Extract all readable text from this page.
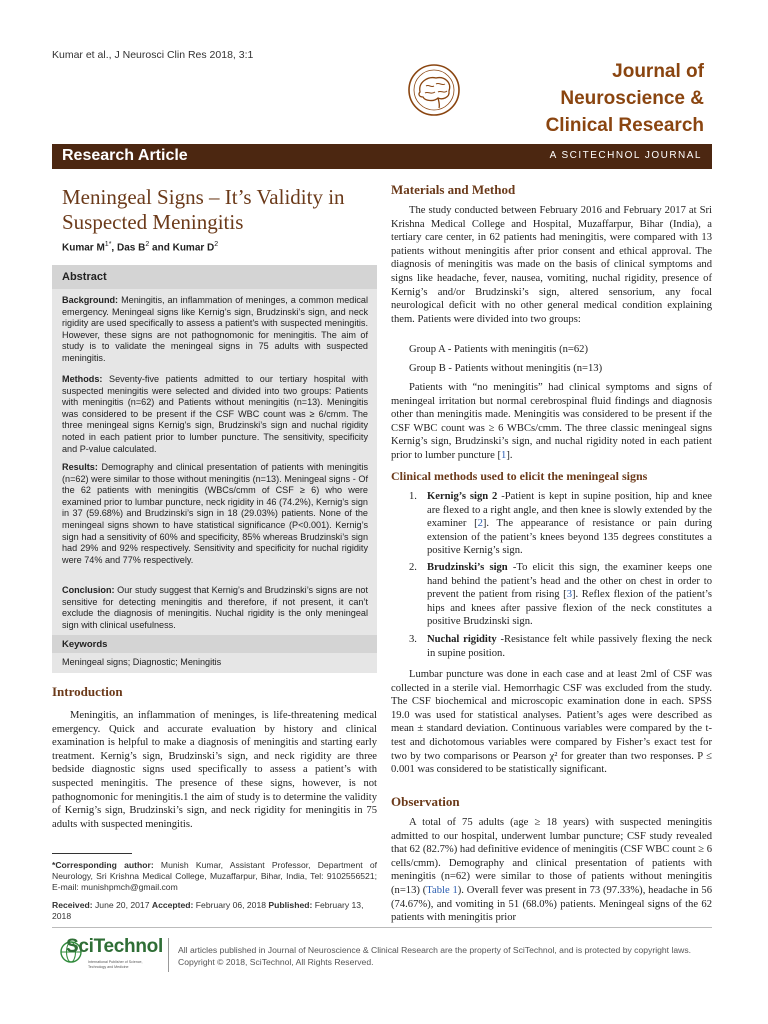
Kumar et al., J Neurosci Clin Res 2018, 3:1
Journal of
Neuroscience &
Clinical Research
Research Article	A SCITECHNOL JOURNAL
Meningeal Signs – It’s Validity in Suspected Meningitis
Kumar $M^{1*}$, Das $B^2$ and Kumar $D^2$
Abstract
Background: Meningitis, an inflammation of meninges, a common medical emergency. Meningeal signs like Kernig’s sign, Brudzinski’s sign, and neck rigidity are used specifically to assess a patient's with suspected meningitis. However, these signs are not pathognomonic for meningitis. The aim of study is to validate the meningeal signs in 75 adults with suspected meningitis.
Methods: Seventy-five patients admitted to our tertiary hospital with suspected meningitis were selected and divided into two groups: Patients with meningitis (n=62) and Patients without meningitis (n=13). Meningitis was considered to be present if the CSF WBC count was ≥ 6/cmm. The three meningeal signs Kernig’s sign, Brudzinski’s sign and nuchal rigidity noted in each patient prior to lumber puncture. The sensitivity, specificity and P-value calculated.
Results: Demography and clinical presentation of patients with meningitis (n=62) were similar to those without meningitis (n=13). Meningeal signs - Of the 62 patients with meningitis (WBCs/cmm of CSF ≥ 6) who were examined prior to lumbar puncture, neck rigidity in 46 (74.2%), Kernig’s sign in 37 (59.68%) and Brudzinski’s sign in 18 (29.03%) patients. None of the meningeal signs shown to have statistical significance (P<0.001). Kernig’s sign had a sensitivity of 60% and specificity, 85% whereas Brudzinski’s sign had 29% and 92% respectively. Sensitivity and specificity for nuchal rigidity were 74% and 77% respectively.
Conclusion: Our study suggest that Kernig’s and Brudzinski’s signs are not sensitive for detecting meningitis and therefore, if not present, it can’t exclude the diagnosis of meningitis. Nuchal rigidity is the only meningeal sign with clinical usefulness.
Keywords
Meningeal signs; Diagnostic; Meningitis
Introduction

Meningitis, an inflammation of meninges, is life-threatening medical emergency. Quick and accurate evaluation by history and clinical examination is helpful to make a diagnosis of meningitis and starting early treatment. Kernig’s sign, Brudzinski’s sign, and neck rigidity are three bedside diagnostic signs used specifically to assess a patient’s with suspected meningitis. The presence of these signs, however, is not pathognomonic for meningitis.1 the aim of study is to determine the validity of Kernig’s sign, Brudzinski’s sign, and neck rigidity for meningitis in 75 adults with suspected meningitis.

*Corresponding author: Munish Kumar, Assistant Professor, Department of Neurology, Sri Krishna Medical College, Muzaffarpur, Bihar, India, Tel: 9102556521; E-mail: munishpmch@gmail.com
Received: June 20, 2017 Accepted: February 06, 2018 Published: February 13, 2018
Materials and Method

The study conducted between February 2016 and February 2017 at Sri Krishna Medical College and Hospital, Muzaffarpur, Bihar (India), a tertiary care center, in 62 patients had meningitis, were compared with 13 patients without meningitis after prior consent and ethical approval. The diagnosis of meningitis was made on the basis of clinical symptoms and signs like headache, fever, nausea, vomiting, nuchal rigidity, presence of Kernig’s and/or Brudzinski’s sign, altered sensorium, any focal neurological deficit with no other general medical condition explaining them. Patients were divided into two groups:

Group A - Patients with meningitis (n=62)
Group B - Patients without meningitis (n=13)

Patients with “no meningitis” had clinical symptoms and signs of meningeal irritation but normal cerebrospinal fluid findings and diagnosis other than meningitis made. Meningitis was considered to be present if the CSF WBC count was ≥ 6 WBCs/cmm. The three classic meningeal signs Kernig’s sign, Brudzinski’s sign, and nuchal rigidity noted in each patient prior to lumber puncture [1].

Clinical methods used to elicit the meningeal signs
1. Kernig’s sign 2 -Patient is kept in supine position, hip and knee are flexed to a right angle, and then knee is slowly extended by the examiner [2]. The appearance of resistance or pain during extension of the patient’s knees beyond 135 degrees constitutes a positive Kernig’s sign.
2. Brudzinski’s sign -To elicit this sign, the examiner keeps one hand behind the patient’s head and the other on chest in order to prevent the patient from rising [3]. Reflex flexion of the patient’s hips and knees after passive flexion of the neck constitutes a positive Brudzinski sign.
3. Nuchal rigidity -Resistance felt while passively flexing the neck in supine position.

Lumbar puncture was done in each case and at least 2ml of CSF was collected in a sterile vial. Hemorrhagic CSF was excluded from the study. The CSF biochemical and microscopic examination done in each. SPSS 19.0 was used for statistical analyses. Patient’s ages were described as mean ± standard deviation. Continuous variables were compared by the t-test and dichotomous variables were compared by Fisher’s exact test for two by two comparisons or Pearson χ² for greater than two responses. P ≤ 0.001 was considered to be statistically significant.

Observation

A total of 75 adults (age ≥ 18 years) with suspected meningitis admitted to our hospital, underwent lumbar puncture; CSF study revealed that 62 (82.7%) had definitive evidence of meningitis (CSF WBC count ≥ 6 cells/cmm). Demography and clinical presentation of patients with meningitis (n=62) were similar to those of patients without meningitis (n=13) (Table 1). Overall fever was present in 73 (97.33%), headache in 56 (74.67%), and vomiting in 51 (68.0%) patients. Meningeal signs of the 62 patients with meningitis prior

SciTechnol
International Publisher of Science, Technology and Medicine
All articles published in Journal of Neuroscience & Clinical Research are the property of SciTechnol, and is protected by copyright laws. Copyright © 2018, SciTechnol, All Rights Reserved.
